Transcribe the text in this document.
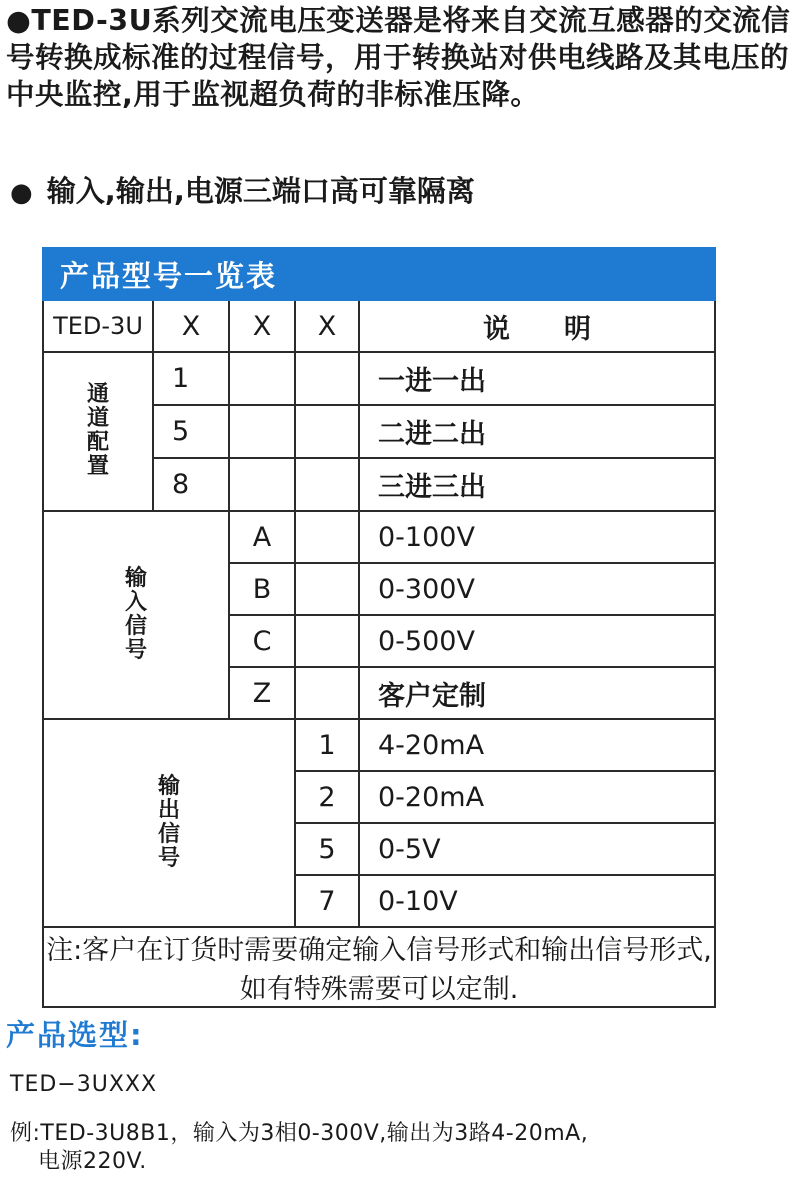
●TED-3U系列交流电压变送器是将来自交流互感器的交流信号转换成标准的过程信号，用于转换站对供电线路及其电压的中央监控,用于监视超负荷的非标准压降。

● 输入,输出,电源三端口高可靠隔离
产品型号一览表				
TED-3U	X	X	X	说　　明
通道配置	1			一进一出
	5			二进二出
	8			三进三出
输入信号		A		0-100V
		B		0-300V
		C		0-500V
		Z		客户定制
输出信号			1	4-20mA
			2	0-20mA
			5	0-5V
			7	0-10V
注:客户在订货时需要确定输入信号形式和输出信号形式,如有特殊需要可以定制.				
产品选型:
TED−3UXXX
例:TED-3U8B1，输入为3相0-300V,输出为3路4-20mA,
电源220V.
